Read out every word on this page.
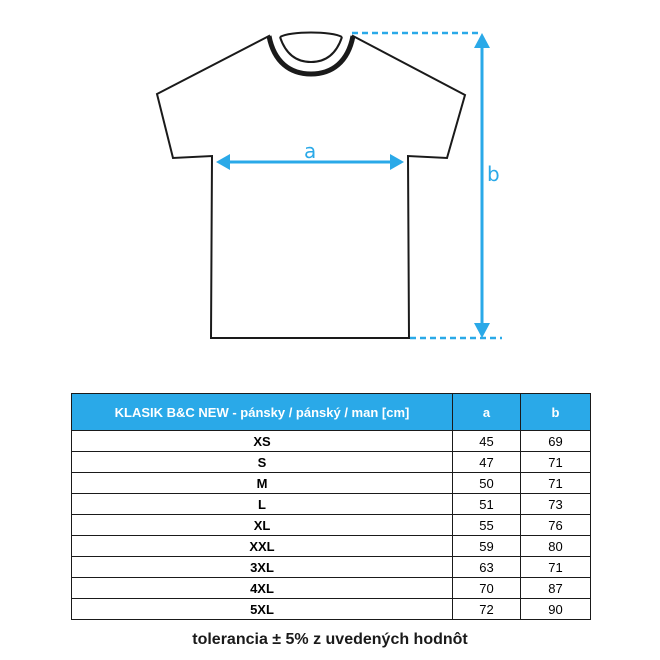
a
b
KLASIK B&C NEW - pánsky / pánský / man [cm]	a	b
XS	45	69
S	47	71
M	50	71
L	51	73
XL	55	76
XXL	59	80
3XL	63	71
4XL	70	87
5XL	72	90
tolerancia ± 5% z uvedených hodnôt
